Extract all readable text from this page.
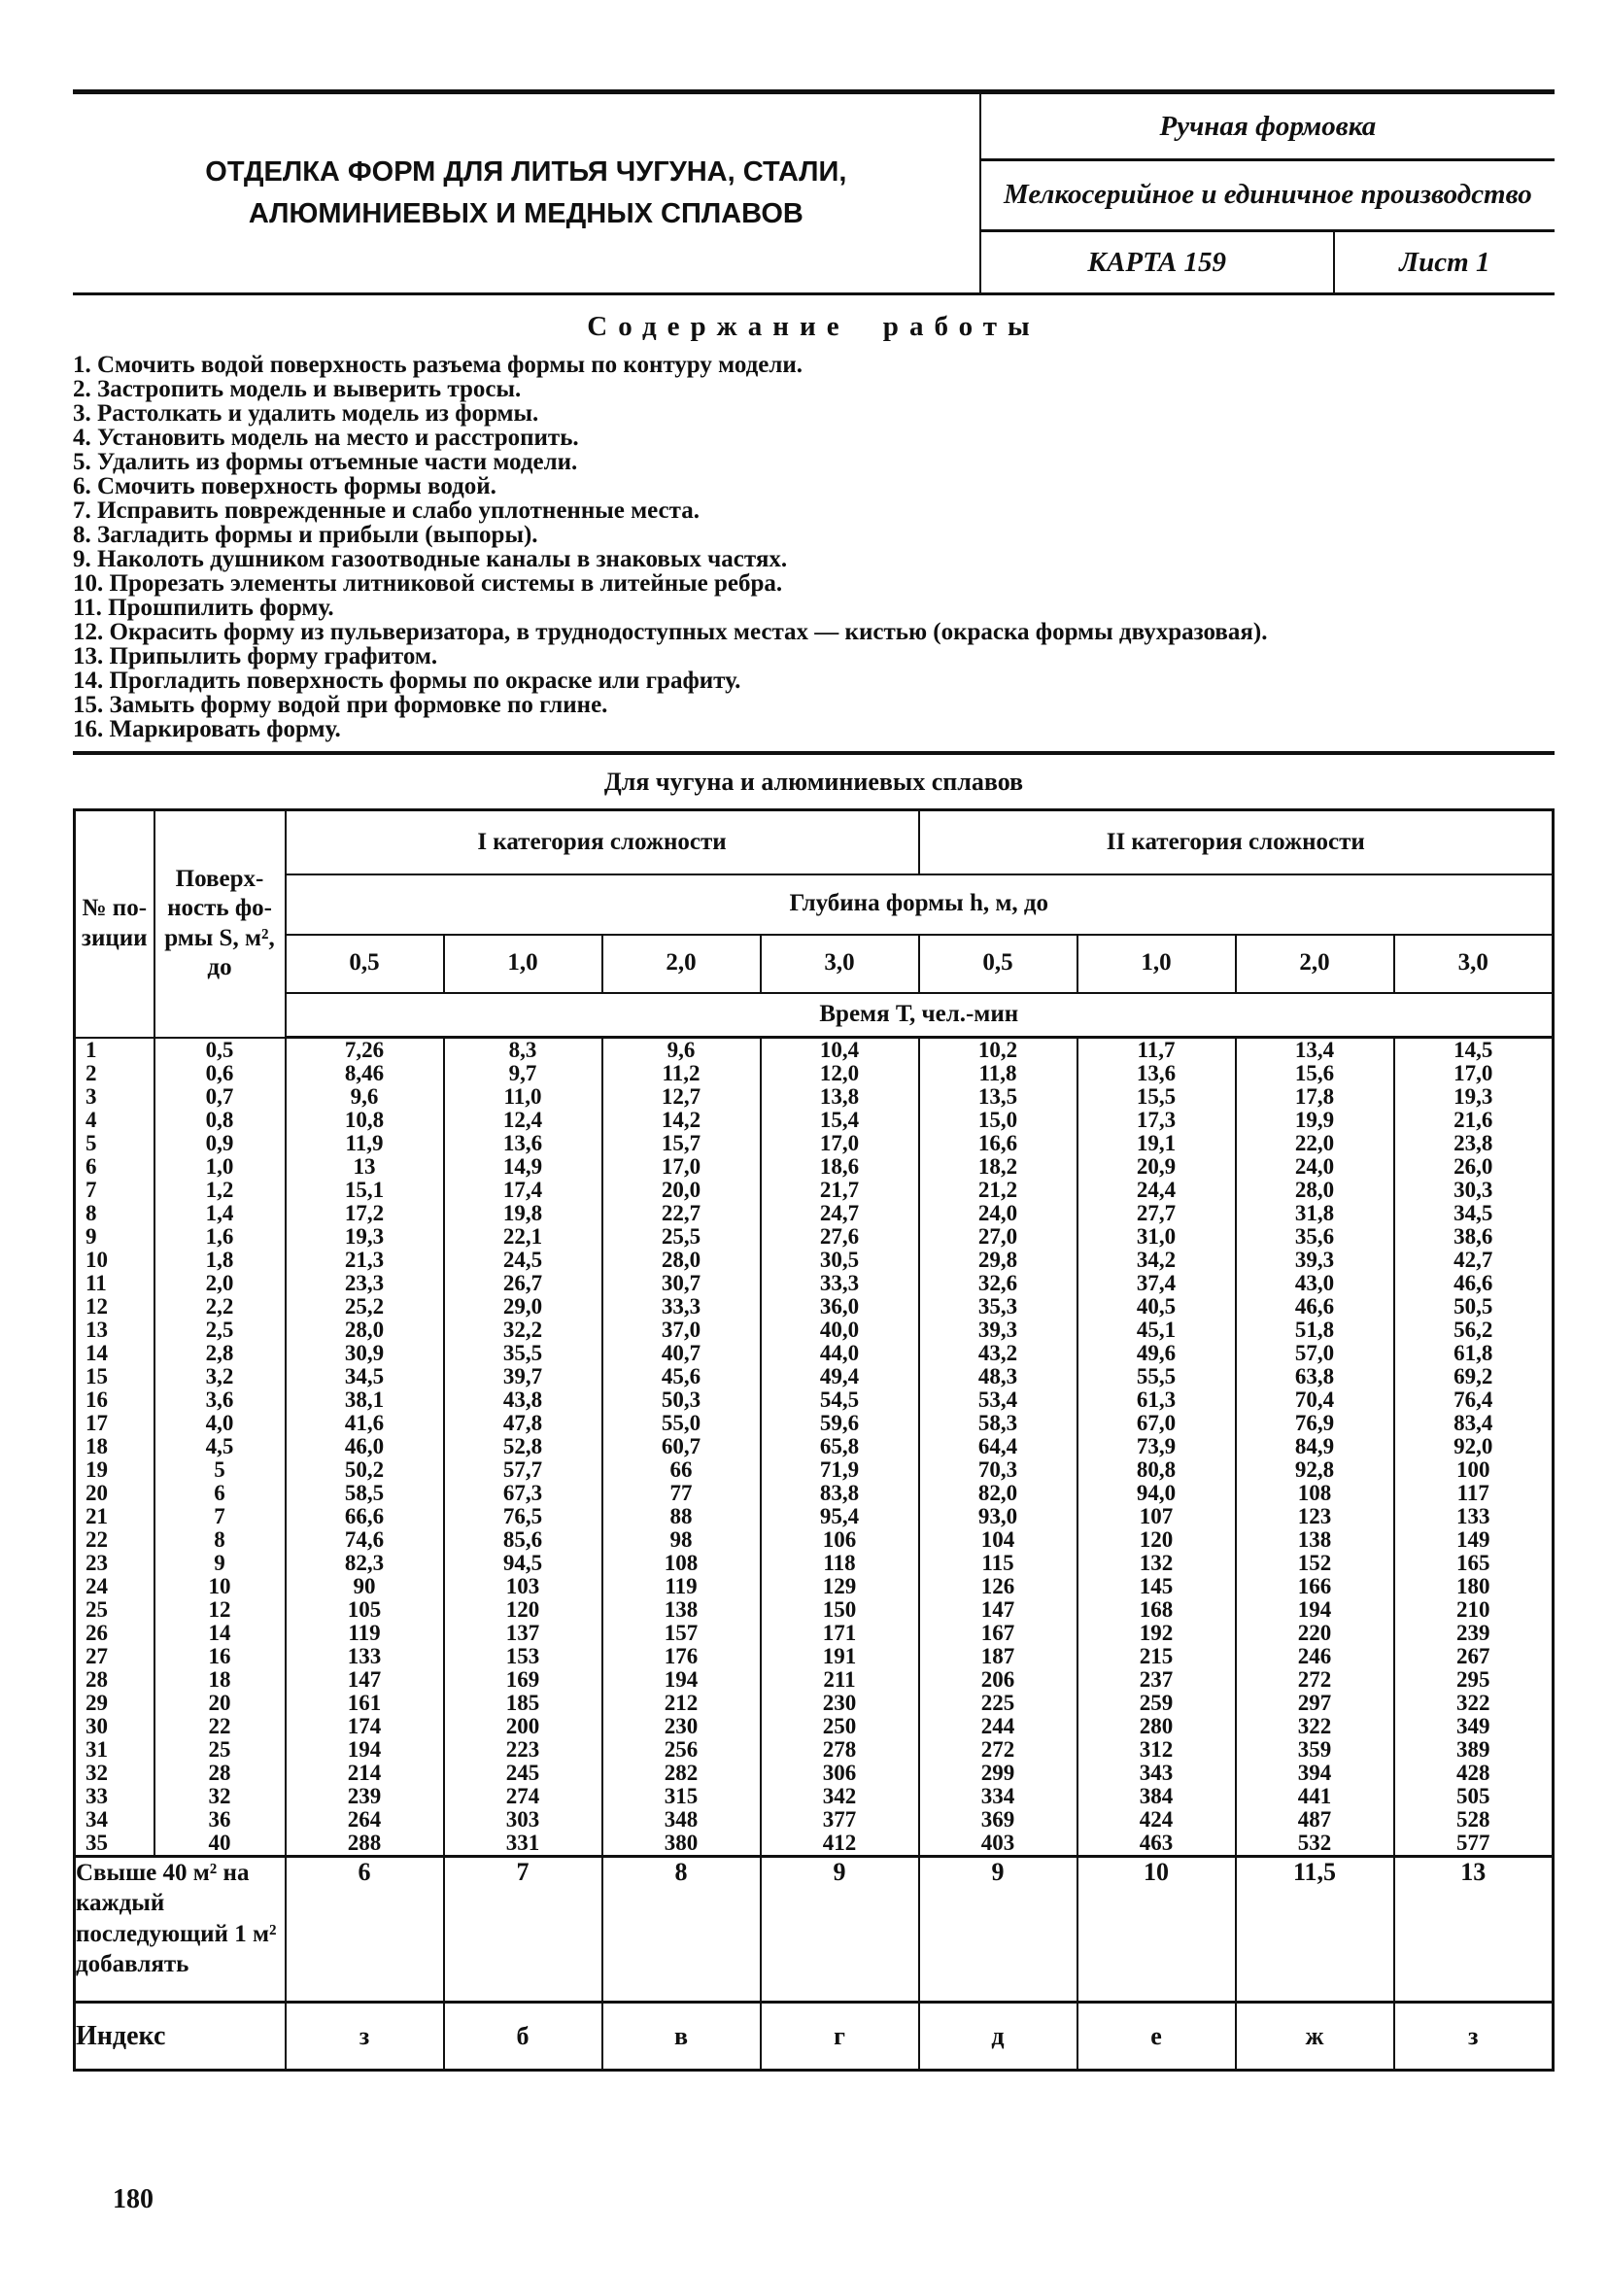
ОТДЕЛКА ФОРМ ДЛЯ ЛИТЬЯ ЧУГУНА, СТАЛИ,
АЛЮМИНИЕВЫХ И МЕДНЫХ СПЛАВОВ
Ручная формовка
Мелкосерийное и единичное производство
КАРТА 159	Лист 1
Содержание работы
1. Смочить водой поверхность разъема формы по контуру модели.
2. Застропить модель и выверить тросы.
3. Растолкать и удалить модель из формы.
4. Установить модель на место и расстропить.
5. Удалить из формы отъемные части модели.
6. Смочить поверхность формы водой.
7. Исправить поврежденные и слабо уплотненные места.
8. Загладить формы и прибыли (выпоры).
9. Наколоть душником газоотводные каналы в знаковых частях.
10. Прорезать элементы литниковой системы в литейные ребра.
11. Прошпилить форму.
12. Окрасить форму из пульверизатора, в труднодоступных местах — кистью (окраска формы двухразовая).
13. Припылить форму графитом.
14. Прогладить поверхность формы по окраске или графиту.
15. Замыть форму водой при формовке по глине.
16. Маркировать форму.
Для чугуна и алюминиевых сплавов
№ по-зиции	Поверх-ность фо-рмы S, м², до	I категория сложности				II категория сложности			
		Глубина формы h, м, до							
		0,5	1,0	2,0	3,0	0,5	1,0	2,0	3,0
		Время Т, чел.-мин							
1	0,5	7,26	8,3	9,6	10,4	10,2	11,7	13,4	14,5
2	0,6	8,46	9,7	11,2	12,0	11,8	13,6	15,6	17,0
3	0,7	9,6	11,0	12,7	13,8	13,5	15,5	17,8	19,3
4	0,8	10,8	12,4	14,2	15,4	15,0	17,3	19,9	21,6
5	0,9	11,9	13,6	15,7	17,0	16,6	19,1	22,0	23,8
6	1,0	13	14,9	17,0	18,6	18,2	20,9	24,0	26,0
7	1,2	15,1	17,4	20,0	21,7	21,2	24,4	28,0	30,3
8	1,4	17,2	19,8	22,7	24,7	24,0	27,7	31,8	34,5
9	1,6	19,3	22,1	25,5	27,6	27,0	31,0	35,6	38,6
10	1,8	21,3	24,5	28,0	30,5	29,8	34,2	39,3	42,7
11	2,0	23,3	26,7	30,7	33,3	32,6	37,4	43,0	46,6
12	2,2	25,2	29,0	33,3	36,0	35,3	40,5	46,6	50,5
13	2,5	28,0	32,2	37,0	40,0	39,3	45,1	51,8	56,2
14	2,8	30,9	35,5	40,7	44,0	43,2	49,6	57,0	61,8
15	3,2	34,5	39,7	45,6	49,4	48,3	55,5	63,8	69,2
16	3,6	38,1	43,8	50,3	54,5	53,4	61,3	70,4	76,4
17	4,0	41,6	47,8	55,0	59,6	58,3	67,0	76,9	83,4
18	4,5	46,0	52,8	60,7	65,8	64,4	73,9	84,9	92,0
19	5	50,2	57,7	66	71,9	70,3	80,8	92,8	100
20	6	58,5	67,3	77	83,8	82,0	94,0	108	117
21	7	66,6	76,5	88	95,4	93,0	107	123	133
22	8	74,6	85,6	98	106	104	120	138	149
23	9	82,3	94,5	108	118	115	132	152	165
24	10	90	103	119	129	126	145	166	180
25	12	105	120	138	150	147	168	194	210
26	14	119	137	157	171	167	192	220	239
27	16	133	153	176	191	187	215	246	267
28	18	147	169	194	211	206	237	272	295
29	20	161	185	212	230	225	259	297	322
30	22	174	200	230	250	244	280	322	349
31	25	194	223	256	278	272	312	359	389
32	28	214	245	282	306	299	343	394	428
33	32	239	274	315	342	334	384	441	505
34	36	264	303	348	377	369	424	487	528
35	40	288	331	380	412	403	463	532	577
Свыше 40 м² на каждый последующий 1 м² добавлять		6	7	8	9	9	10	11,5	13
Индекс		з	б	в	г	д	е	ж	з
180
